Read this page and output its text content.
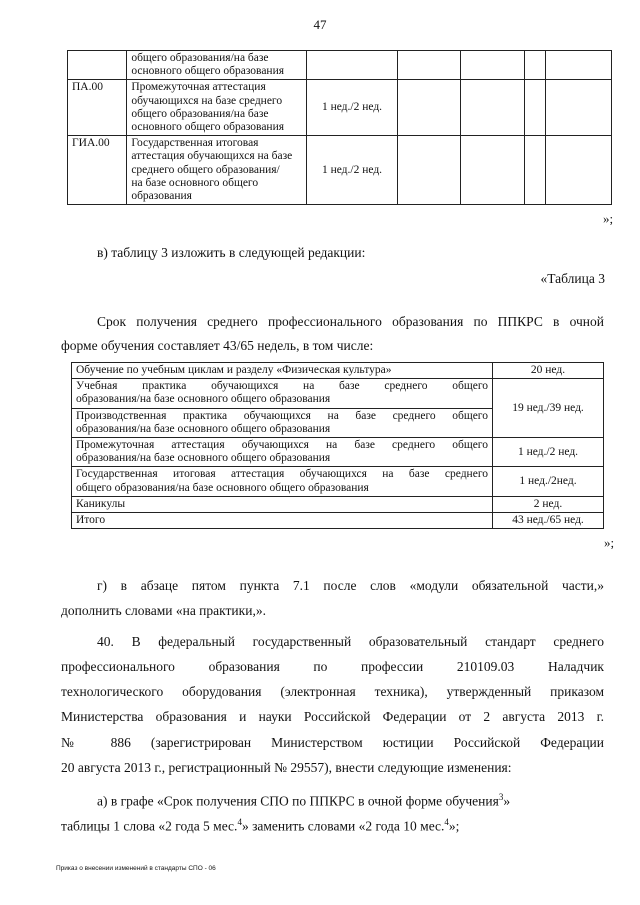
47

	общего образования/на базе
основного общего образования					

ПА.00	Промежуточная аттестация
обучающихся на базе среднего
общего образования/на базе
основного общего образования	1 нед./2 нед.				
ГИА.00	Государственная итоговая
аттестация обучающихся на базе
среднего общего образования/
на базе основного общего
образования	1 нед./2 нед.				
»;
в) таблицу 3 изложить в следующей редакции:
«Таблица 3
Срок получения среднего профессионального образования по ППКРС в очной
форме обучения составляет 43/65 недель, в том числе:
Обучение по учебным циклам и разделу «Физическая культура»	20 нед.

Учебная практика обучающихся на базе среднего общего
образования/на базе основного общего образования	19 нед./39 нед.

Производственная практика обучающихся на базе среднего общего
образования/на базе основного общего образования	

Промежуточная аттестация обучающихся на базе среднего общего
образования/на базе основного общего образования	1 нед./2 нед.

Государственная итоговая аттестация обучающихся на базе среднего
общего образования/на базе основного общего образования	1 нед./2нед.
Каникулы	2 нед.
Итого	43 нед./65 нед.
»;
г) в абзаце пятом пункта 7.1 после слов «модули обязательной части,»
дополнить словами «на практики,».
40. В федеральный государственный образовательный стандарт среднего
профессионального образования по профессии 210109.03 Наладчик
технологического оборудования (электронная техника), утвержденный приказом
Министерства образования и науки Российской Федерации от 2 августа 2013 г.
№ 886 (зарегистрирован Министерством юстиции Российской Федерации
20 августа 2013 г., регистрационный № 29557), внести следующие изменения:
а) в графе «Срок получения СПО по ППКРС в очной форме обучения$^3$»
таблицы 1 слова «2 года 5 мес.$^4$» заменить словами «2 года 10 мес.$^4$»;
Приказ о внесении изменений в стандарты СПО - 06
